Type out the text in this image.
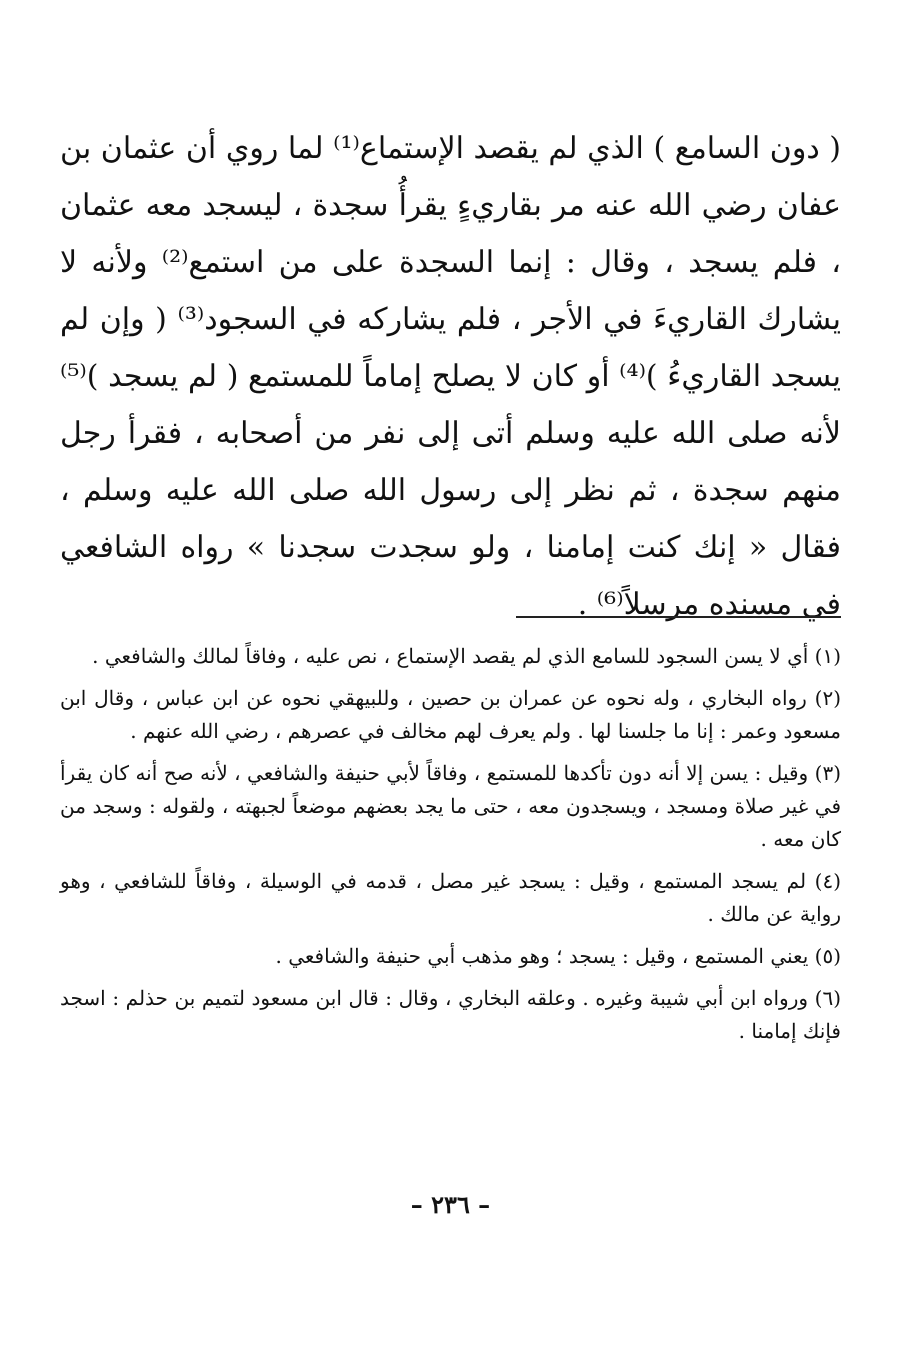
( دون السامع ) الذي لم يقصد الإستماع⁽¹⁾ لما روي أن عثمان بن عفان رضي الله عنه مر بقاريءٍ يقرأُ سجدة ، ليسجد معه عثمان ، فلم يسجد ، وقال : إنما السجدة على من استمع⁽²⁾ ولأنه لا يشارك القاريءَ في الأجر ، فلم يشاركه في السجود⁽³⁾ ( وإن لم يسجد القاريءُ )⁽⁴⁾ أو كان لا يصلح إماماً للمستمع ( لم يسجد )⁽⁵⁾ لأنه صلى الله عليه وسلم أتى إلى نفر من أصحابه ، فقرأ رجل منهم سجدة ، ثم نظر إلى رسول الله صلى الله عليه وسلم ، فقال « إنك كنت إمامنا ، ولو سجدت سجدنا » رواه الشافعي في مسنده مرسلاً⁽⁶⁾ .

(١) أي لا يسن السجود للسامع الذي لم يقصد الإستماع ، نص عليه ، وفاقاً لمالك والشافعي .

(٢) رواه البخاري ، وله نحوه عن عمران بن حصين ، وللبيهقي نحوه عن ابن عباس ، وقال ابن مسعود وعمر : إنا ما جلسنا لها . ولم يعرف لهم مخالف في عصرهم ، رضي الله عنهم .

(٣) وقيل : يسن إلا أنه دون تأكدها للمستمع ، وفاقاً لأبي حنيفة والشافعي ، لأنه صح أنه كان يقرأ في غير صلاة ومسجد ، ويسجدون معه ، حتى ما يجد بعضهم موضعاً لجبهته ، ولقوله : وسجد من كان معه .

(٤) لم يسجد المستمع ، وقيل : يسجد غير مصل ، قدمه في الوسيلة ، وفاقاً للشافعي ، وهو رواية عن مالك .

(٥) يعني المستمع ، وقيل : يسجد ؛ وهو مذهب أبي حنيفة والشافعي .

(٦) ورواه ابن أبي شيبة وغيره . وعلقه البخاري ، وقال : قال ابن مسعود لتميم بن حذلم : اسجد فإنك إمامنا .

– ٢٣٦ –
